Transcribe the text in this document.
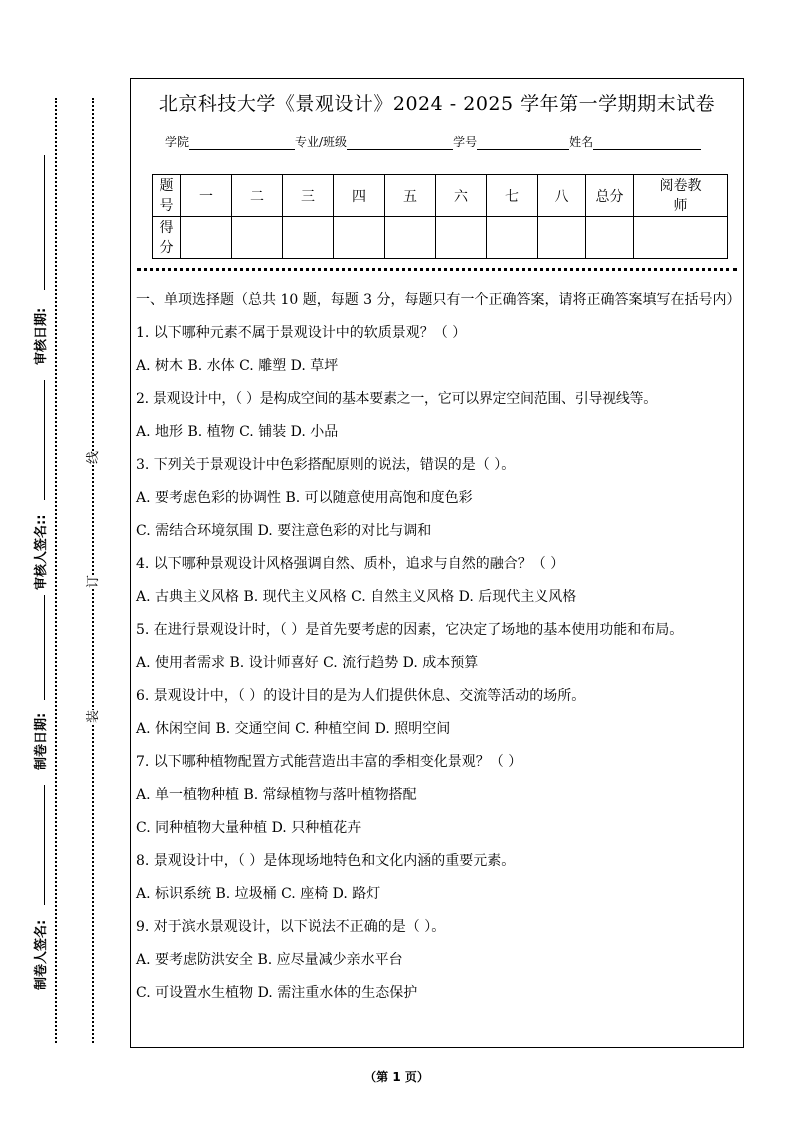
审核日期:
审核人签名::
制卷日期:
制卷人签名:
线
订
装
北京科技大学《景观设计》2024 - 2025 学年第一学期期末试卷
学院	专业/班级	学号	姓名
题号	一	二	三	四	五	六	七	八	总分	阅卷教师
得分										

一、单项选择题（总共 10 题，每题 3 分，每题只有一个正确答案，请将正确答案填写在括号内）

1. 以下哪种元素不属于景观设计中的软质景观？（ ）

A. 树木 B. 水体 C. 雕塑 D. 草坪

2. 景观设计中，（ ）是构成空间的基本要素之一，它可以界定空间范围、引导视线等。

A. 地形 B. 植物 C. 铺装 D. 小品

3. 下列关于景观设计中色彩搭配原则的说法，错误的是（ ）。

A. 要考虑色彩的协调性 B. 可以随意使用高饱和度色彩

C. 需结合环境氛围 D. 要注意色彩的对比与调和

4. 以下哪种景观设计风格强调自然、质朴，追求与自然的融合？（ ）

A. 古典主义风格 B. 现代主义风格 C. 自然主义风格 D. 后现代主义风格

5. 在进行景观设计时，（ ）是首先要考虑的因素，它决定了场地的基本使用功能和布局。

A. 使用者需求 B. 设计师喜好 C. 流行趋势 D. 成本预算

6. 景观设计中，（ ）的设计目的是为人们提供休息、交流等活动的场所。

A. 休闲空间 B. 交通空间 C. 种植空间 D. 照明空间

7. 以下哪种植物配置方式能营造出丰富的季相变化景观？（ ）

A. 单一植物种植 B. 常绿植物与落叶植物搭配

C. 同种植物大量种植 D. 只种植花卉

8. 景观设计中，（ ）是体现场地特色和文化内涵的重要元素。

A. 标识系统 B. 垃圾桶 C. 座椅 D. 路灯

9. 对于滨水景观设计，以下说法不正确的是（ ）。

A. 要考虑防洪安全 B. 应尽量减少亲水平台

C. 可设置水生植物 D. 需注重水体的生态保护

（第 1 页）
